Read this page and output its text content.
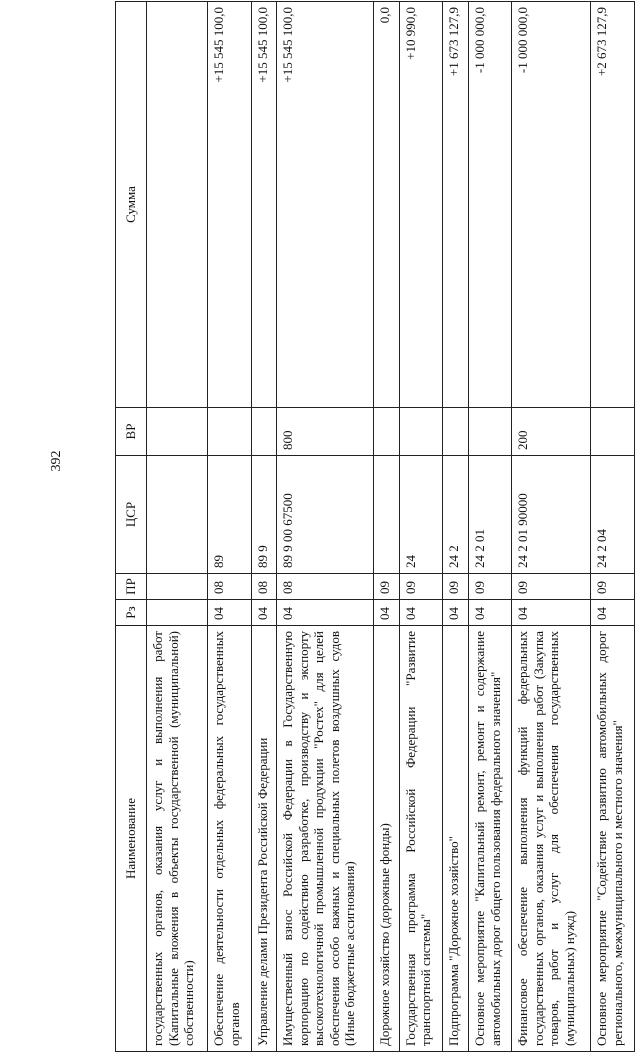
392
Наименование	Рз	ПР	ЦСР	ВР	Сумма
государственных органов, оказания услуг и выполнения работ (Капитальные вложения в объекты государственной (муниципальной) собственности)					
Обеспечение деятельности отдельных федеральных государственных органов	04	08	89		+15 545 100,0
Управление делами Президента Российской Федерации	04	08	89 9		+15 545 100,0
Имущественный взнос Российской Федерации в Государственную корпорацию по содействию разработке, производству и экспорту высокотехнологичной промышленной продукции "Ростех" для целей обеспечения особо важных и специальных полетов воздушных судов (Иные бюджетные ассигнования)	04	08	89 9 00 67500	800	+15 545 100,0
Дорожное хозяйство (дорожные фонды)	04	09			0,0
Государственная программа Российской Федерации "Развитие транспортной системы"	04	09	24		+10 990,0
Подпрограмма "Дорожное хозяйство"	04	09	24 2		+1 673 127,9
Основное мероприятие "Капитальный ремонт, ремонт и содержание автомобильных дорог общего пользования федерального значения"	04	09	24 2 01		-1 000 000,0
Финансовое обеспечение выполнения функций федеральных государственных органов, оказания услуг и выполнения работ (Закупка товаров, работ и услуг для обеспечения государственных (муниципальных) нужд)	04	09	24 2 01 90000	200	-1 000 000,0
Основное мероприятие "Содействие развитию автомобильных дорог регионального, межмуниципального и местного значения"	04	09	24 2 04		+2 673 127,9
